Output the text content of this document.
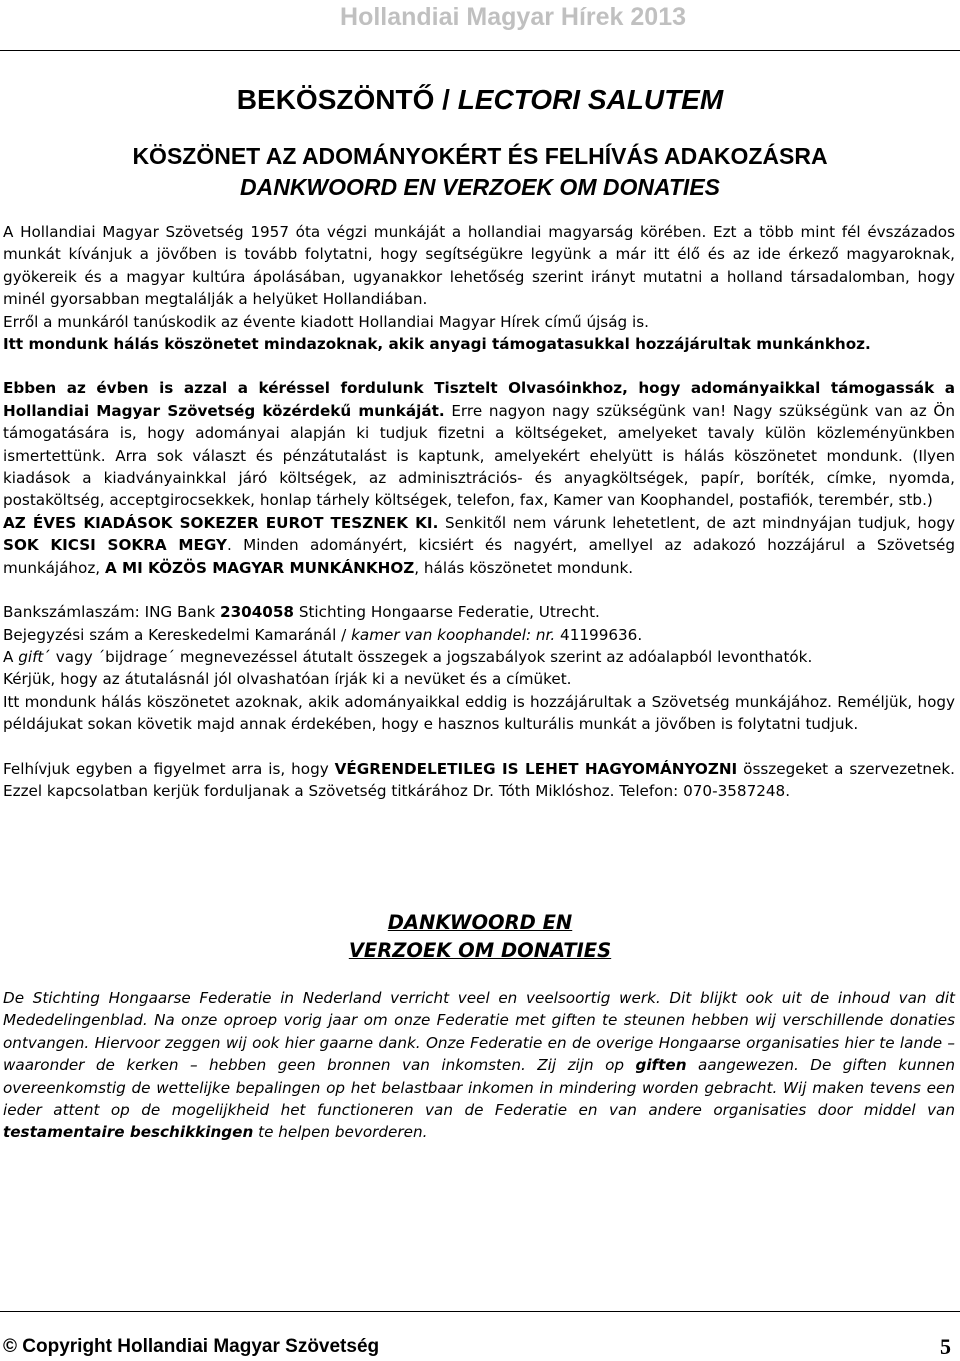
Hollandiai Magyar Hírek 2013
BEKÖSZÖNTŐ / LECTORI SALUTEM
KÖSZÖNET AZ ADOMÁNYOKÉRT ÉS FELHÍVÁS ADAKOZÁSRA
DANKWOORD EN VERZOEK OM DONATIES

A Hollandiai Magyar Szövetség 1957 óta végzi munkáját a hollandiai magyarság körében. Ezt a több mint fél évszázados munkát kívánjuk a jövőben is tovább folytatni, hogy segítségükre legyünk a már itt élő és az ide érkező magyaroknak, gyökereik és a magyar kultúra ápolásában, ugyanakkor lehetőség szerint irányt mutatni a holland társadalomban, hogy minél gyorsabban megtalálják a helyüket Hollandiában.

Erről a munkáról tanúskodik az évente kiadott Hollandiai Magyar Hírek című újság is.

Itt mondunk hálás köszönetet mindazoknak, akik anyagi támogatasukkal hozzájárultak munkánkhoz.

Ebben az évben is azzal a kéréssel fordulunk Tisztelt Olvasóinkhoz, hogy adományaikkal támogassák a Hollandiai Magyar Szövetség közérdekű munkáját. Erre nagyon nagy szükségünk van! Nagy szükségünk van az Ön támogatására is, hogy adományai alapján ki tudjuk fizetni a költségeket, amelyeket tavaly külön közleményünkben ismertettünk. Arra sok választ és pénzátutalást is kaptunk, amelyekért ehelyütt is hálás köszönetet mondunk. (Ilyen kiadások a kiadványainkkal járó költségek, az adminisztrációs- és anyagköltségek, papír, boríték, címke, nyomda, postaköltség, acceptgirocsekkek, honlap tárhely költségek, telefon, fax, Kamer van Koophandel, postafiók, terembér, stb.)
AZ ÉVES KIADÁSOK SOKEZER EUROT TESZNEK KI. Senkitől nem várunk lehetetlent, de azt mindnyájan tudjuk, hogy SOK KICSI SOKRA MEGY. Minden adományért, kicsiért és nagyért, amellyel az adakozó hozzájárul a Szövetség munkájához, A MI KÖZÖS MAGYAR MUNKÁNKHOZ, hálás köszönetet mondunk.

Bankszámlaszám: ING Bank 2304058 Stichting Hongaarse Federatie, Utrecht.

Bejegyzési szám a Kereskedelmi Kamaránál / kamer van koophandel: nr. 41199636.

A gift´ vagy ´bijdrage´ megnevezéssel átutalt összegek a jogszabályok szerint az adóalapból levonthatók.

Kérjük, hogy az átutalásnál jól olvashatóan írják ki a nevüket és a címüket.

Itt mondunk hálás köszönetet azoknak, akik adományaikkal eddig is hozzájárultak a Szövetség munkájához. Reméljük, hogy példájukat sokan követik majd annak érdekében, hogy e hasznos kulturális munkát a jövőben is folytatni tudjuk.

Felhívjuk egyben a figyelmet arra is, hogy VÉGRENDELETILEG IS LEHET HAGYOMÁNYOZNI összegeket a szervezetnek. Ezzel kapcsolatban kerjük forduljanak a Szövetség titkárához Dr. Tóth Miklóshoz. Telefon: 070-3587248.

DANKWOORD EN
VERZOEK OM DONATIES

De Stichting Hongaarse Federatie in Nederland verricht veel en veelsoortig werk. Dit blijkt ook uit de inhoud van dit Mededelingenblad. Na onze oproep vorig jaar om onze Federatie met giften te steunen hebben wij verschillende donaties ontvangen. Hiervoor zeggen wij ook hier gaarne dank. Onze Federatie en de overige Hongaarse organisaties hier te lande – waaronder de kerken – hebben geen bronnen van inkomsten. Zij zijn op giften aangewezen. De giften kunnen overeenkomstig de wettelijke bepalingen op het belastbaar inkomen in mindering worden gebracht. Wij maken tevens een ieder attent op de mogelijkheid het functioneren van de Federatie en van andere organisaties door middel van testamentaire beschikkingen te helpen bevorderen.

© Copyright Hollandiai Magyar Szövetség	5
